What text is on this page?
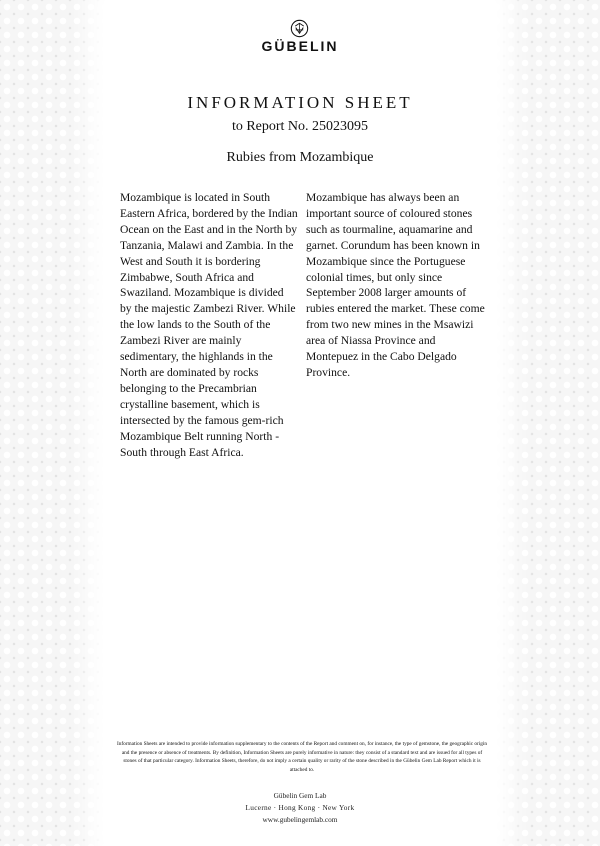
GÜBELIN
INFORMATION SHEET
to Report No. 25023095
Rubies from Mozambique

Mozambique is located in South Eastern Africa, bordered by the Indian Ocean on the East and in the North by Tanzania, Malawi and Zambia. In the West and South it is bordering Zimbabwe, South Africa and Swaziland. Mozambique is divided by the majestic Zambezi River. While the low lands to the South of the Zambezi River are mainly sedimentary, the highlands in the North are dominated by rocks belonging to the Precambrian crystalline basement, which is intersected by the famous gem-rich Mozambique Belt running North - South through East Africa.

Mozambique has always been an important source of coloured stones such as tourmaline, aquamarine and garnet. Corundum has been known in Mozambique since the Portuguese colonial times, but only since September 2008 larger amounts of rubies entered the market. These come from two new mines in the Msawizi area of Niassa Province and Montepuez in the Cabo Delgado Province.

Information Sheets are intended to provide information supplementary to the contents of the Report and comment on, for instance, the type of gemstone, the geographic origin and the presence or absence of treatments. By definition, Information Sheets are purely informative in nature: they consist of a standard text and are issued for all types of stones of that particular category. Information Sheets, therefore, do not imply a certain quality or rarity of the stone described in the Gübelin Gem Lab Report which it is attached to.

Gübelin Gem Lab
Lucerne · Hong Kong · New York
www.gubelingemlab.com
